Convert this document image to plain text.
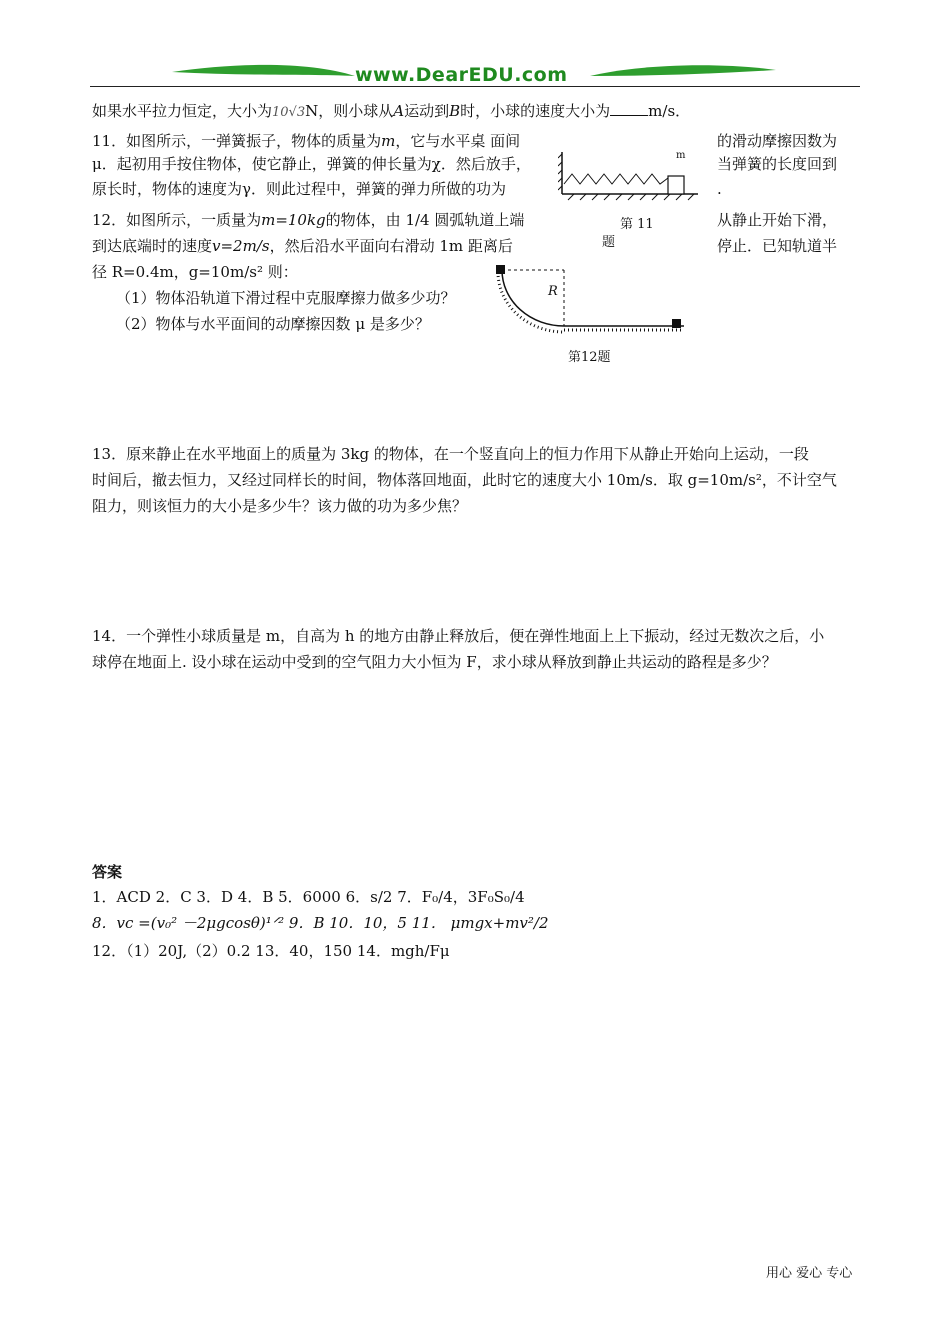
www.DearEDU.com
如果水平拉力恒定，大小为10√3N，则小球从A运动到B时，小球的速度大小为	m/s．
11．如图所示，一弹簧振子，物体的质量为m，它与水平桌 面间	的滑动摩擦因数为
μ．起初用手按住物体，使它静止，弹簧的伸长量为χ．然后放手，	当弹簧的长度回到
原长时，物体的速度为γ．则此过程中，弹簧的弹力所做的功为	.
m
第 11
题
12．如图所示，一质量为m=10kg的物体，由 1/4 圆弧轨道上端	从静止开始下滑，
到达底端时的速度v=2m/s，然后沿水平面向右滑动 1m 距离后	停止．已知轨道半
径 R=0.4m，g=10m/s² 则：
（1）物体沿轨道下滑过程中克服摩擦力做多少功？
（2）物体与水平面间的动摩擦因数 μ 是多少？
R
第12题
13．原来静止在水平地面上的质量为 3kg 的物体，在一个竖直向上的恒力作用下从静止开始向上运动，一段
时间后，撤去恒力，又经过同样长的时间，物体落回地面，此时它的速度大小 10m/s．取 g=10m/s²，不计空气
阻力，则该恒力的大小是多少牛？该力做的功为多少焦？
14．一个弹性小球质量是 m，自高为 h 的地方由静止释放后，便在弹性地面上上下振动，经过无数次之后，小
球停在地面上. 设小球在运动中受到的空气阻力大小恒为 F，求小球从释放到静止共运动的路程是多少？
答案
1．ACD 2．C 3．D 4．B 5．6000 6．s/2 7．F₀/4，3F₀S₀/4
8．vc =(v₀² －2μgcosθ)¹ᐟ² 9．B 10．10，5 11． μmgx+mv²/2
12．（1）20J,（2）0.2 13．40，150 14．mgh/Fμ
用心 爱心 专心
